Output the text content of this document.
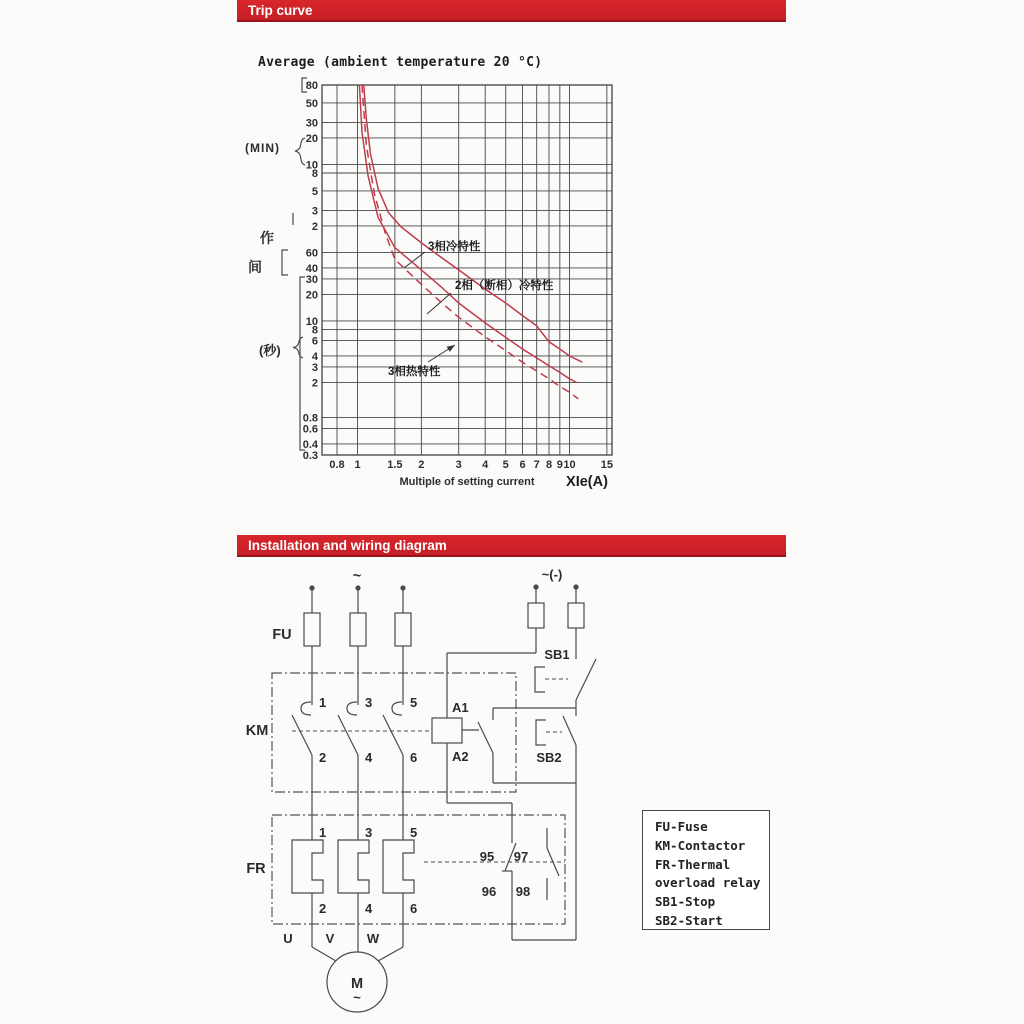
Trip curve
0.8 1 1.5 2	3 4 5 6 7 8 9 10 15
80
50
30
20
10
8
5
3
2
60
40
30
20
10
8
6
4
3
2
0.8
0.6
0.4
0.3
3相冷特性
2相（断相）冷特性
3相热特性
Multiple of setting current XIe(A)
Average (ambient temperature 20 °C)
(MIN)
(秒)
作
间
Installation and wiring diagram
~	~(-)
FU
SB1
KM
1	3	5
2	4	6
A1
A2	SB2
FR
1	3	5
2	4	6
95 97
96 98
U	V	W
M
~
FU-Fuse
KM-Contactor
FR-Thermal
overload relay
SB1-Stop
SB2-Start
